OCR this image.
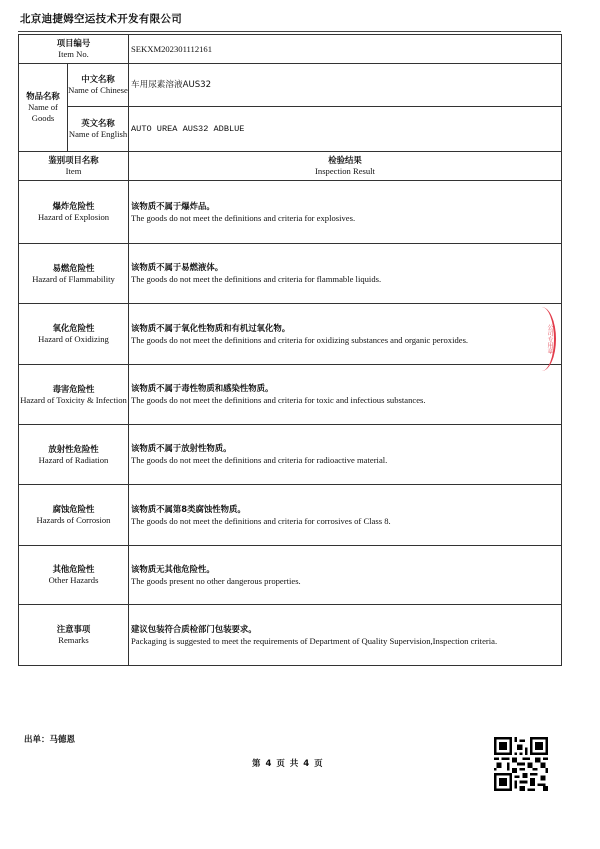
北京迪捷姆空运技术开发有限公司
项目编号
Item No.		SEKXM202301112161

物品名称
Name of Goods	中文名称
Name of Chinese	车用尿素溶液AUS32

	英文名称
Name of English	AUTO UREA AUS32 ADBLUE

鉴别项目名称
Item		检验结果
Inspection Result

爆炸危险性
Hazard of Explosion		该物质不属于爆炸品。
The goods do not meet the definitions and criteria for explosives.

易燃危险性
Hazard of Flammability		该物质不属于易燃液体。
The goods do not meet the definitions and criteria for flammable liquids.

氧化危险性
Hazard of Oxidizing		该物质不属于氧化性物质和有机过氧化物。
The goods do not meet the definitions and criteria for oxidizing substances and organic peroxides.

毒害危险性
Hazard of Toxicity & Infection		该物质不属于毒性物质和感染性物质。
The goods do not meet the definitions and criteria for toxic and infectious substances.

放射性危险性
Hazard of Radiation		该物质不属于放射性物质。
The goods do not meet the definitions and criteria for radioactive material.

腐蚀危险性
Hazards of Corrosion		该物质不属第8类腐蚀性物质。
The goods do not meet the definitions and criteria for corrosives of Class 8.

其他危险性
Other Hazards		该物质无其他危险性。
The goods present no other dangerous properties.

注意事项
Remarks		建议包装符合质检部门包装要求。
Packaging is suggested to meet the requirements of Department of Quality Supervision,Inspection criteria.
公司专用章
出单：马德恩
第 4 页 共 4 页
